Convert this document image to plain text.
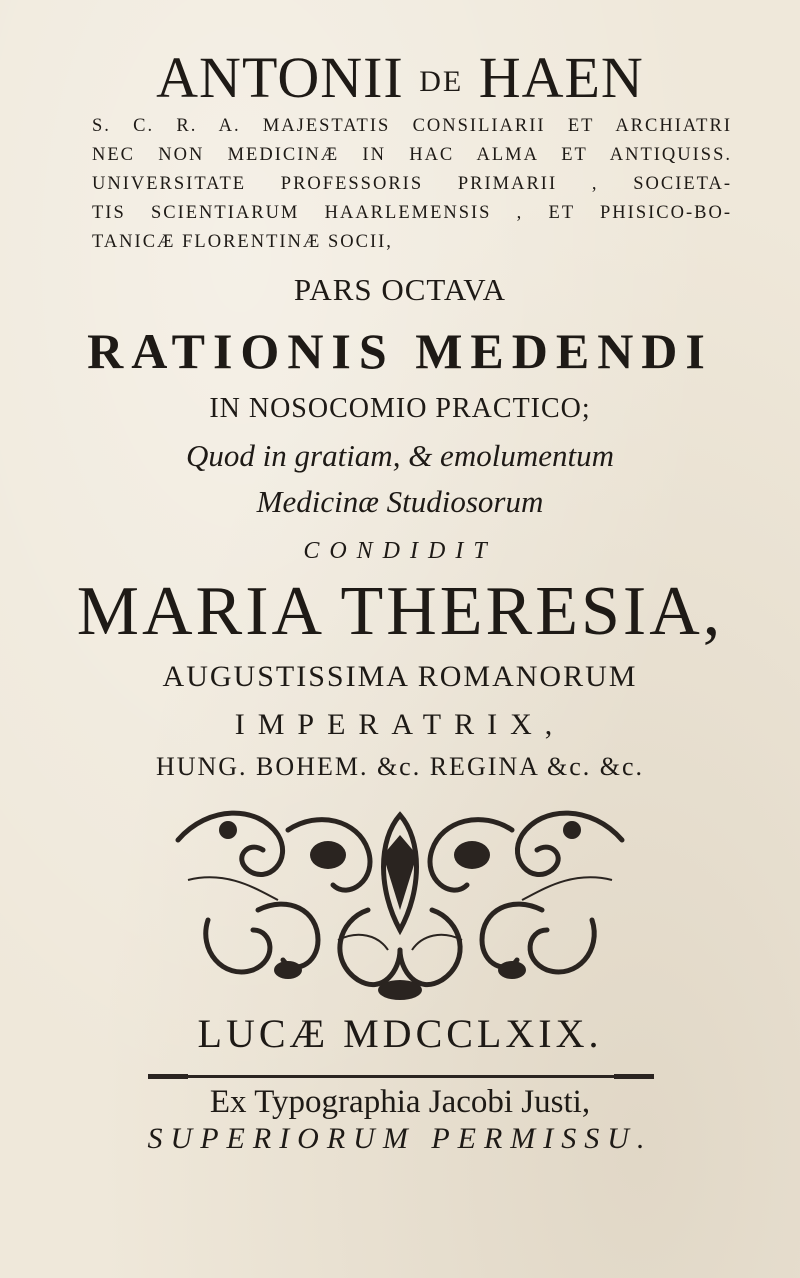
ANTONII DE HAEN
S. C. R. A. MAJESTATIS CONSILIARII ET ARCHIATRI
NEC NON MEDICINÆ IN HAC ALMA ET ANTIQUISS.
UNIVERSITATE PROFESSORIS PRIMARII , SOCIETA-
TIS SCIENTIARUM HAARLEMENSIS , ET PHISICO-BO-
TANICÆ FLORENTINÆ SOCII,
PARS OCTAVA
RATIONIS MEDENDI
IN NOSOCOMIO PRACTICO;
Quod in gratiam, & emolumentum
Medicinæ Studiosorum
CONDIDIT
MARIA THERESIA,
AUGUSTISSIMA ROMANORUM
IMPERATRIX,
HUNG. BOHEM. &c. REGINA &c. &c.
LUCÆ MDCCLXIX.
Ex Typographia Jacobi Justi,
SUPERIORUM PERMISSU.
